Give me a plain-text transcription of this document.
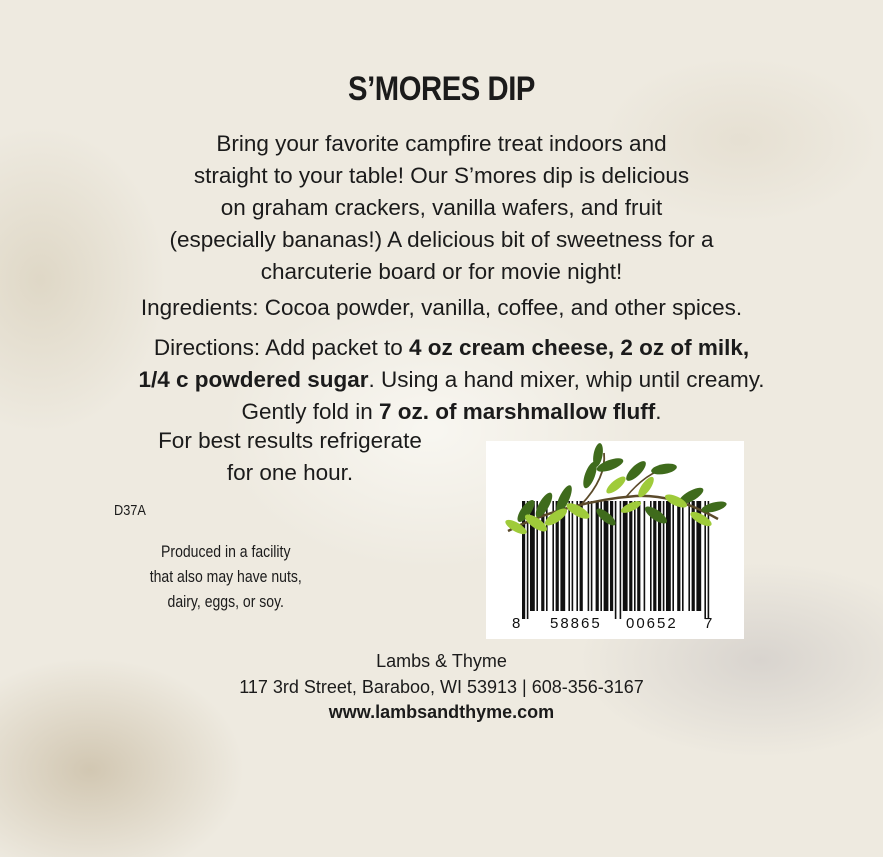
S’MORES DIP
Bring your favorite campfire treat indoors and
straight to your table! Our S’mores dip is delicious
on graham crackers, vanilla wafers, and fruit
(especially bananas!) A delicious bit of sweetness for a
charcuterie board or for movie night!
Ingredients: Cocoa powder, vanilla, coffee, and other spices.
Directions: Add packet to 4 oz cream cheese, 2 oz of milk,
1/4 c powdered sugar. Using a hand mixer, whip until creamy.
Gently fold in 7 oz. of marshmallow fluff.
For best results refrigerate
for one hour.
D37A
Produced in a facility
that also may have nuts,
dairy, eggs, or soy.
8 58865 00652 7
Lambs & Thyme
117 3rd Street, Baraboo, WI 53913 | 608-356-3167
www.lambsandthyme.com
